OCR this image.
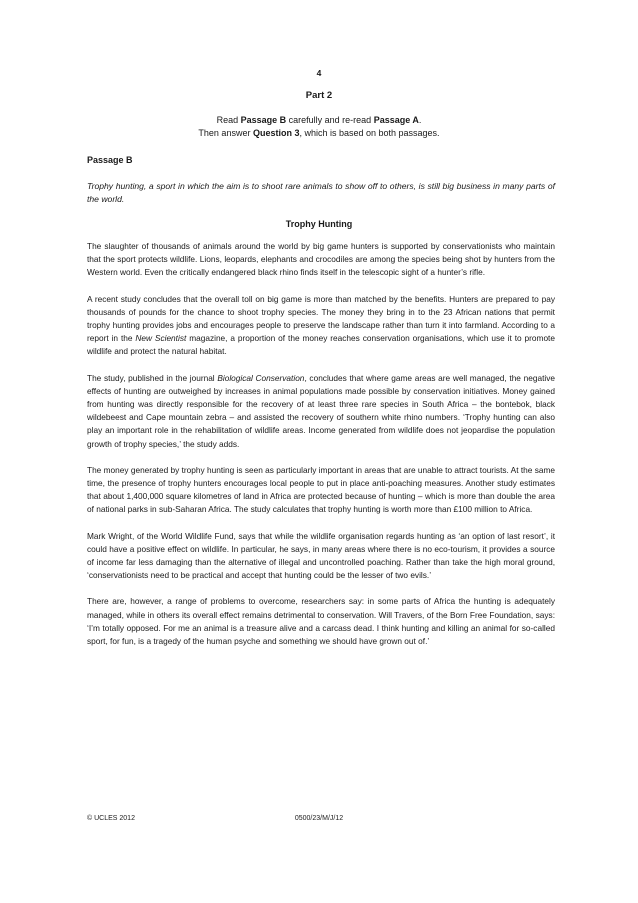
4
Part 2
Read Passage B carefully and re-read Passage A.
Then answer Question 3, which is based on both passages.
Passage B
Trophy hunting, a sport in which the aim is to shoot rare animals to show off to others, is still big business in many parts of the world.
Trophy Hunting

The slaughter of thousands of animals around the world by big game hunters is supported by conservationists who maintain that the sport protects wildlife. Lions, leopards, elephants and crocodiles are among the species being shot by hunters from the Western world. Even the critically endangered black rhino finds itself in the telescopic sight of a hunter’s rifle.

A recent study concludes that the overall toll on big game is more than matched by the benefits. Hunters are prepared to pay thousands of pounds for the chance to shoot trophy species. The money they bring in to the 23 African nations that permit trophy hunting provides jobs and encourages people to preserve the landscape rather than turn it into farmland. According to a report in the New Scientist magazine, a proportion of the money reaches conservation organisations, which use it to promote wildlife and protect the natural habitat.

The study, published in the journal Biological Conservation, concludes that where game areas are well managed, the negative effects of hunting are outweighed by increases in animal populations made possible by conservation initiatives. Money gained from hunting was directly responsible for the recovery of at least three rare species in South Africa – the bontebok, black wildebeest and Cape mountain zebra – and assisted the recovery of southern white rhino numbers. ‘Trophy hunting can also play an important role in the rehabilitation of wildlife areas. Income generated from wildlife does not jeopardise the population growth of trophy species,’ the study adds.

The money generated by trophy hunting is seen as particularly important in areas that are unable to attract tourists. At the same time, the presence of trophy hunters encourages local people to put in place anti-poaching measures. Another study estimates that about 1,400,000 square kilometres of land in Africa are protected because of hunting – which is more than double the area of national parks in sub-Saharan Africa. The study calculates that trophy hunting is worth more than £100 million to Africa.

Mark Wright, of the World Wildlife Fund, says that while the wildlife organisation regards hunting as ‘an option of last resort’, it could have a positive effect on wildlife. In particular, he says, in many areas where there is no eco-tourism, it provides a source of income far less damaging than the alternative of illegal and uncontrolled poaching. Rather than take the high moral ground, ‘conservationists need to be practical and accept that hunting could be the lesser of two evils.’

There are, however, a range of problems to overcome, researchers say: in some parts of Africa the hunting is adequately managed, while in others its overall effect remains detrimental to conservation. Will Travers, of the Born Free Foundation, says: ‘I’m totally opposed. For me an animal is a treasure alive and a carcass dead. I think hunting and killing an animal for so-called sport, for fun, is a tragedy of the human psyche and something we should have grown out of.’

© UCLES 2012	0500/23/M/J/12
